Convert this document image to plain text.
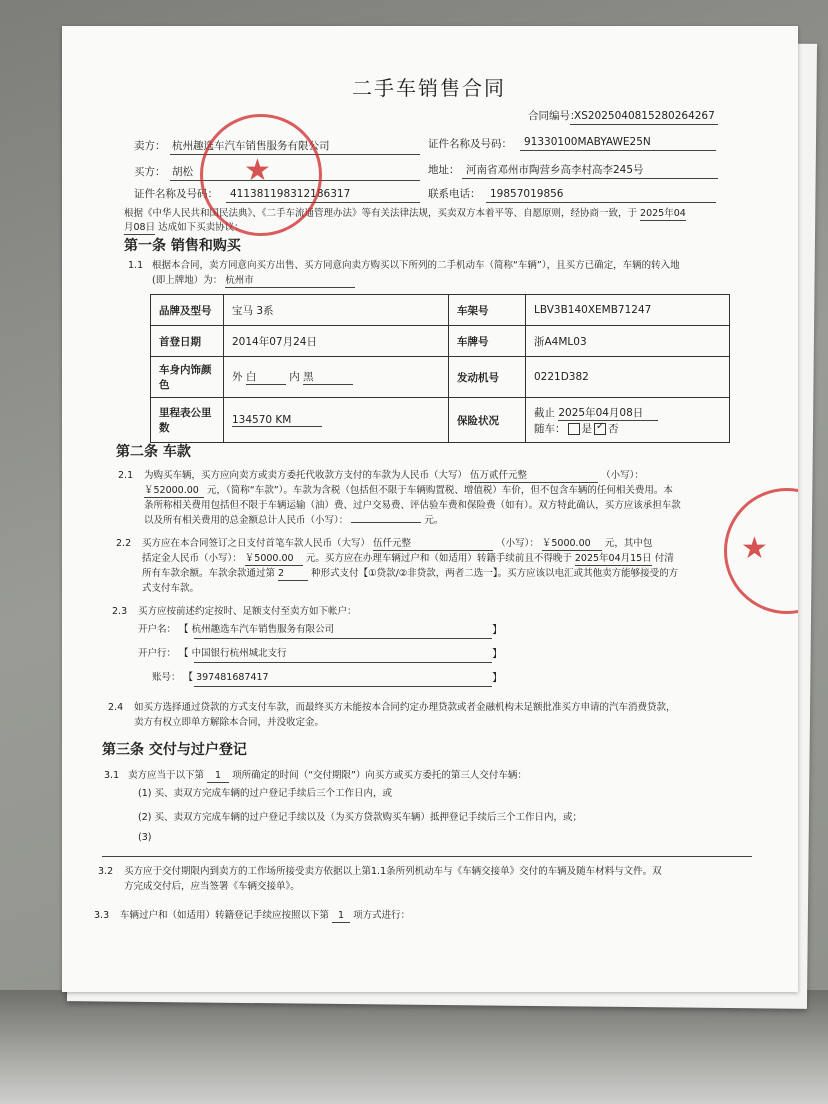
二手车销售合同
合同编号：
XS2025040815280264267
卖方： 杭州趣选车汽车销售服务有限公司	证件名称及号码： 91330100MABYAWE25N
买方： 胡松	地址： 河南省邓州市陶营乡高李村高李245号
证件名称及号码： 411381198312186317	联系电话： 19857019856
根据《中华人民共和国民法典》、《二手车流通管理办法》等有关法律法规，买卖双方本着平等、自愿原则，经协商一致，于 2025年04
月08日 达成如下买卖协议：
第一条 销售和购买
1.1 根据本合同，卖方同意向买方出售、买方同意向卖方购买以下所列的二手机动车（简称“车辆”），且买方已确定，车辆的转入地
(即上牌地）为： 杭州市
品牌及型号	宝马 3系	车架号	LBV3B140XEMB71247
首登日期	2014年07月24日	车牌号	浙A4ML03
车身内饰颜色	外 白 内 黑	发动机号	0221D382
里程表公里数	134570 KM	保险状况	截止 2025年04月08日
随车： 是 ✓ 否
第二条 车款
2.1 为购买车辆，买方应向卖方或卖方委托代收款方支付的车款为人民币（大写） 伍万贰仟元整	（小写）：
￥52000.00 元，（简称“车款”）。车款为含税（包括但不限于车辆购置税、增值税）车价，但不包含车辆的任何相关费用。本
条所称相关费用包括但不限于车辆运输（油）费、过户交易费、评估验车费和保险费（如有）。双方特此确认，买方应该承担车款
以及所有相关费用的总金额总计人民币（小写）：	元。
2.2 买方应在本合同签订之日支付首笔车款人民币（大写） 伍仟元整	（小写）： ￥5000.00 元，其中包
括定金人民币（小写）： ￥5000.00 元。买方应在办理车辆过户和（如适用）转籍手续前且不得晚于 2025年04月15日 付清
所有车款余额。车款余款通过第 2	种形式支付【①贷款/②非贷款，两者二选一】。买方应该以电汇或其他卖方能够接受的方
式支付车款。
2.3 买方应按前述约定按时、足额支付至卖方如下帐户：
开户名： 【 杭州趣选车汽车销售服务有限公司	】
开户行： 【 中国银行杭州城北支行	】
账号： 【 397481687417	】
2.4 如买方选择通过贷款的方式支付车款，而最终买方未能按本合同约定办理贷款或者金融机构未足额批准买方申请的汽车消费贷款，
卖方有权立即单方解除本合同，并没收定金。
第三条 交付与过户登记
3.1 卖方应当于以下第 1 项所确定的时间（“交付期限”）向买方或买方委托的第三人交付车辆：
(1) 买、卖双方完成车辆的过户登记手续后三个工作日内，或
(2) 买、卖双方完成车辆的过户登记手续以及（为买方贷款购买车辆）抵押登记手续后三个工作日内，或；
(3)
3.2 买方应于交付期限内到卖方的工作场所接受卖方依据以上第1.1条所列机动车与《车辆交接单》交付的车辆及随车材料与文件。双
方完成交付后，应当签署《车辆交接单》。
3.3 车辆过户和（如适用）转籍登记手续应按照以下第 1 项方式进行：
★
★
